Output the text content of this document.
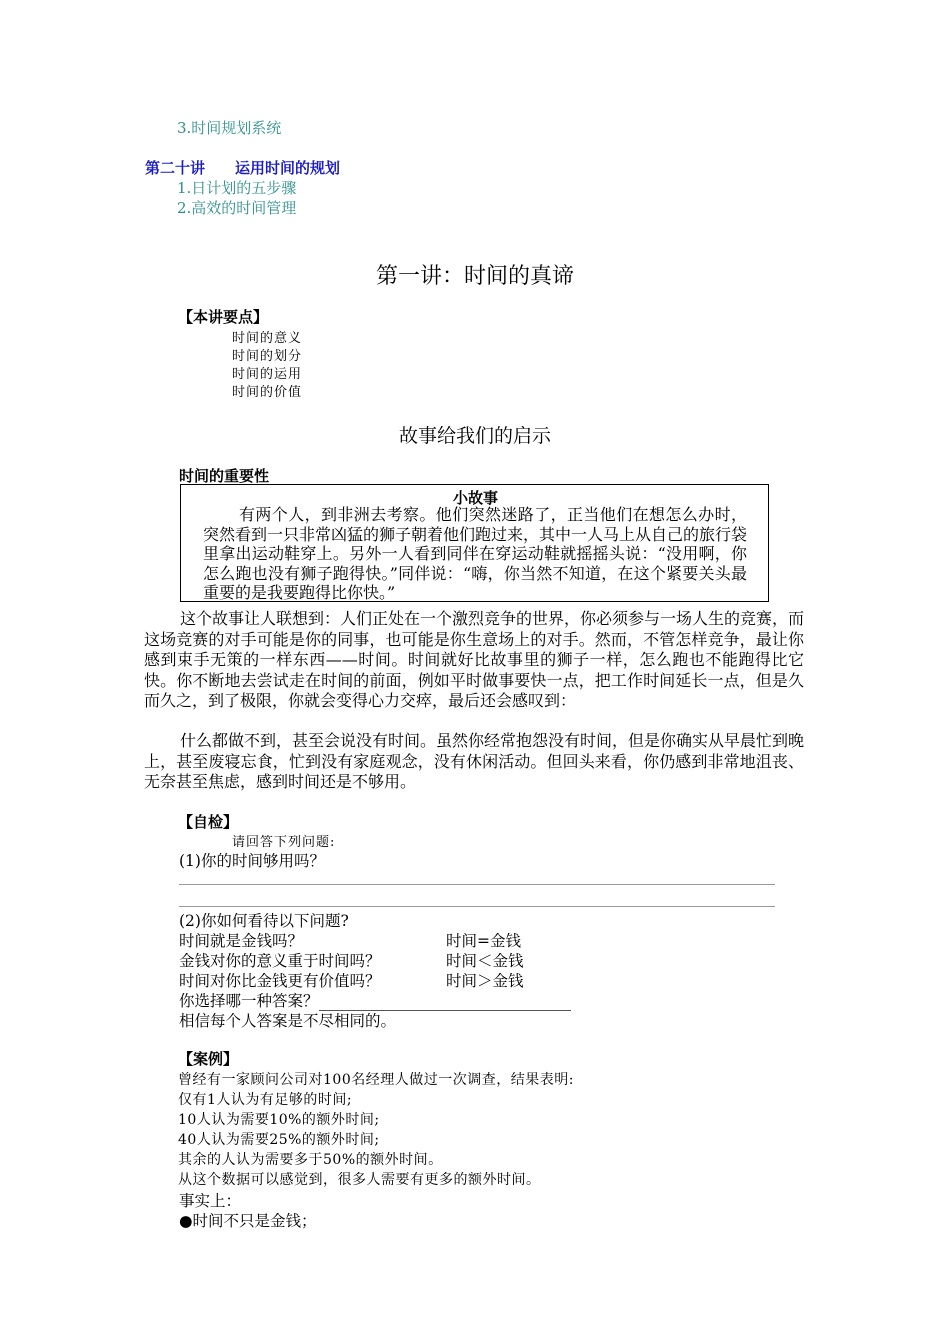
3.时间规划系统
第二十讲　　运用时间的规划
1.日计划的五步骤
2.高效的时间管理
第一讲：时间的真谛
【本讲要点】
时间的意义
时间的划分
时间的运用
时间的价值
故事给我们的启示
时间的重要性
小故事
有两个人，到非洲去考察。他们突然迷路了，正当他们在想怎么办时，突然看到一只非常凶猛的狮子朝着他们跑过来，其中一人马上从自己的旅行袋里拿出运动鞋穿上。另外一人看到同伴在穿运动鞋就摇摇头说：“没用啊，你怎么跑也没有狮子跑得快。”同伴说：“嗨，你当然不知道，在这个紧要关头最重要的是我要跑得比你快。”
这个故事让人联想到：人们正处在一个激烈竞争的世界，你必须参与一场人生的竞赛，而这场竞赛的对手可能是你的同事，也可能是你生意场上的对手。然而，不管怎样竞争，最让你感到束手无策的一样东西——时间。时间就好比故事里的狮子一样，怎么跑也不能跑得比它快。你不断地去尝试走在时间的前面，例如平时做事要快一点，把工作时间延长一点，但是久而久之，到了极限，你就会变得心力交瘁，最后还会感叹到：
什么都做不到，甚至会说没有时间。虽然你经常抱怨没有时间，但是你确实从早晨忙到晚上，甚至废寝忘食，忙到没有家庭观念，没有休闲活动。但回头来看，你仍感到非常地沮丧、无奈甚至焦虑，感到时间还是不够用。
【自检】
请回答下列问题:
(1)你的时间够用吗？
(2)你如何看待以下问题?
时间就是金钱吗？	时间=金钱
金钱对你的意义重于时间吗？	时间＜金钱
时间对你比金钱更有价值吗？	时间＞金钱
你选择哪一种答案？
相信每个人答案是不尽相同的。
【案例】
曾经有一家顾问公司对100名经理人做过一次调查，结果表明:
仅有1人认为有足够的时间;
10人认为需要10%的额外时间;
40人认为需要25%的额外时间;
其余的人认为需要多于50%的额外时间。
从这个数据可以感觉到，很多人需要有更多的额外时间。
事实上：
●时间不只是金钱；
